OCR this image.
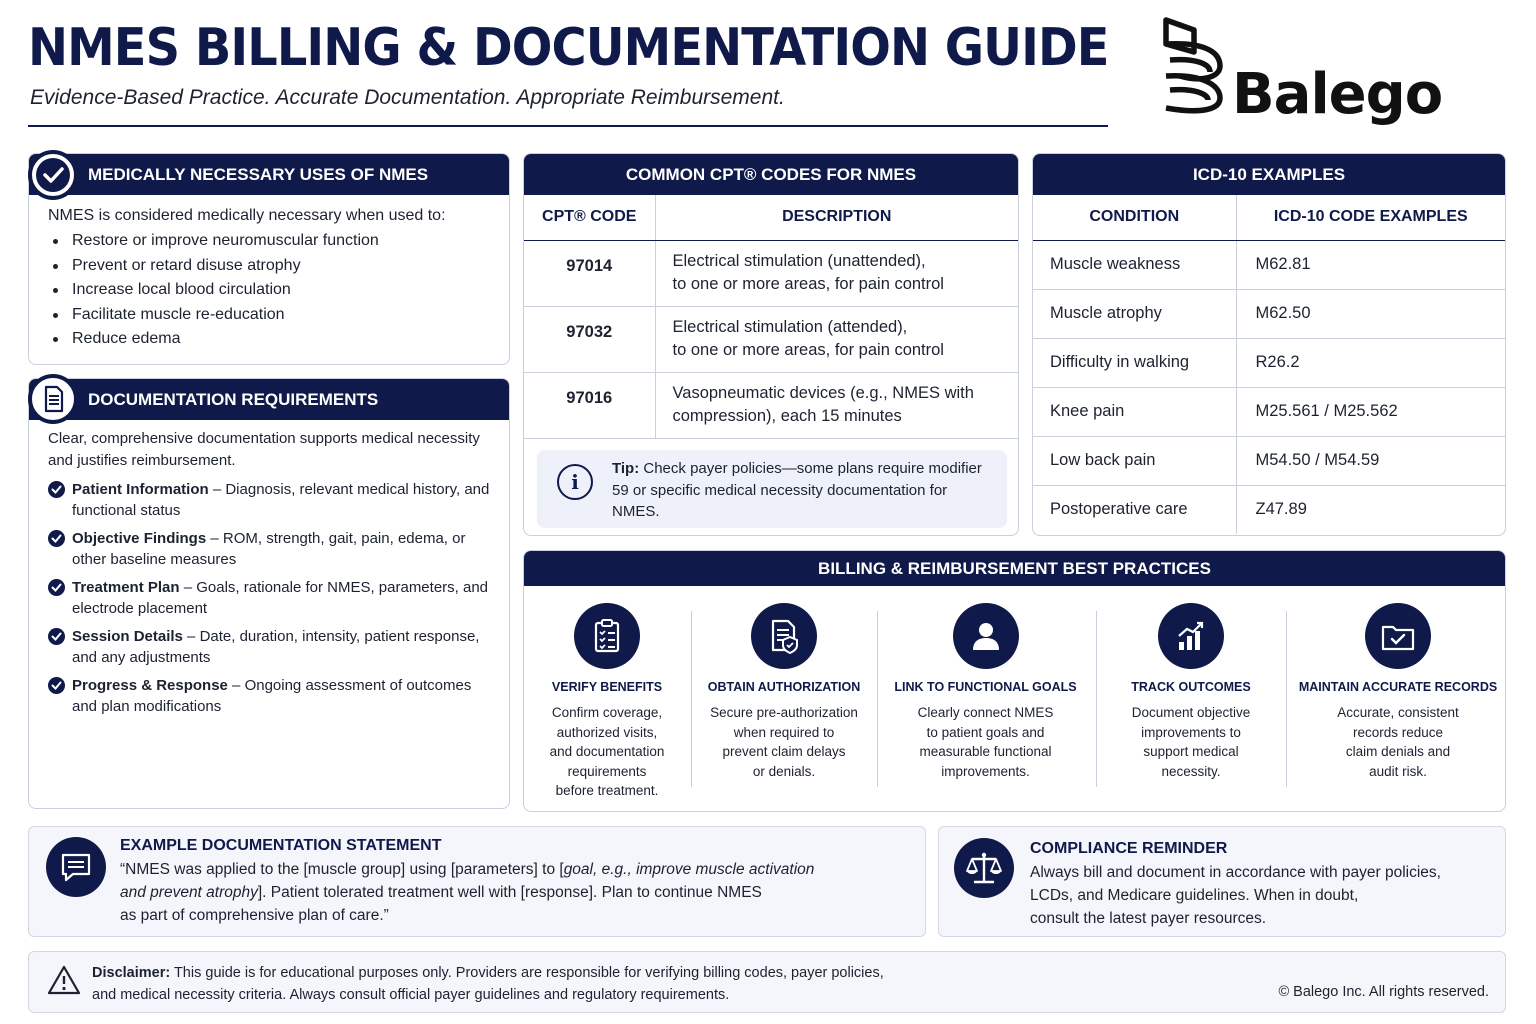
NMES BILLING & DOCUMENTATION GUIDE
Evidence-Based Practice. Accurate Documentation. Appropriate Reimbursement.	Balego
MEDICALLY NECESSARY USES OF NMES
NMES is considered medically necessary when used to:
Restore or improve neuromuscular function
Prevent or retard disuse atrophy
Increase local blood circulation
Facilitate muscle re-education
Reduce edema
DOCUMENTATION REQUIREMENTS
Clear, comprehensive documentation supports medical necessity and justifies reimbursement.
Patient Information – Diagnosis, relevant medical history, and functional status
Objective Findings – ROM, strength, gait, pain, edema, or other baseline measures
Treatment Plan – Goals, rationale for NMES, parameters, and electrode placement
Session Details – Date, duration, intensity, patient response, and any adjustments
Progress & Response – Ongoing assessment of outcomes and plan modifications
COMMON CPT® CODES FOR NMES
CPT® CODE	DESCRIPTION
97014	Electrical stimulation (unattended),
to one or more areas, for pain control

97032	Electrical stimulation (attended),
to one or more areas, for pain control

97016	Vasopneumatic devices (e.g., NMES with
compression), each 15 minutes
i
Tip: Check payer policies—some plans require modifier 59 or specific medical necessity documentation for NMES.
ICD-10 EXAMPLES
CONDITION	ICD-10 CODE EXAMPLES
Muscle weakness	M62.81
Muscle atrophy	M62.50
Difficulty in walking	R26.2
Knee pain	M25.561 / M25.562
Low back pain	M54.50 / M54.59
Postoperative care	Z47.89
BILLING & REIMBURSEMENT BEST PRACTICES
VERIFY BENEFITS
Confirm coverage,
authorized visits,
and documentation
requirements
before treatment.
OBTAIN AUTHORIZATION
Secure pre-authorization
when required to
prevent claim delays
or denials.
LINK TO FUNCTIONAL GOALS
Clearly connect NMES
to patient goals and
measurable functional
improvements.
TRACK OUTCOMES
Document objective
improvements to
support medical
necessity.
MAINTAIN ACCURATE RECORDS
Accurate, consistent
records reduce
claim denials and
audit risk.
EXAMPLE DOCUMENTATION STATEMENT
“NMES was applied to the [muscle group] using [parameters] to [goal, e.g., improve muscle activation
and prevent atrophy]. Patient tolerated treatment well with [response]. Plan to continue NMES
as part of comprehensive plan of care.”
COMPLIANCE REMINDER
Always bill and document in accordance with payer policies,
LCDs, and Medicare guidelines. When in doubt,
consult the latest payer resources.
Disclaimer: This guide is for educational purposes only. Providers are responsible for verifying billing codes, payer policies,
and medical necessity criteria. Always consult official payer guidelines and regulatory requirements.	© Balego Inc. All rights reserved.
